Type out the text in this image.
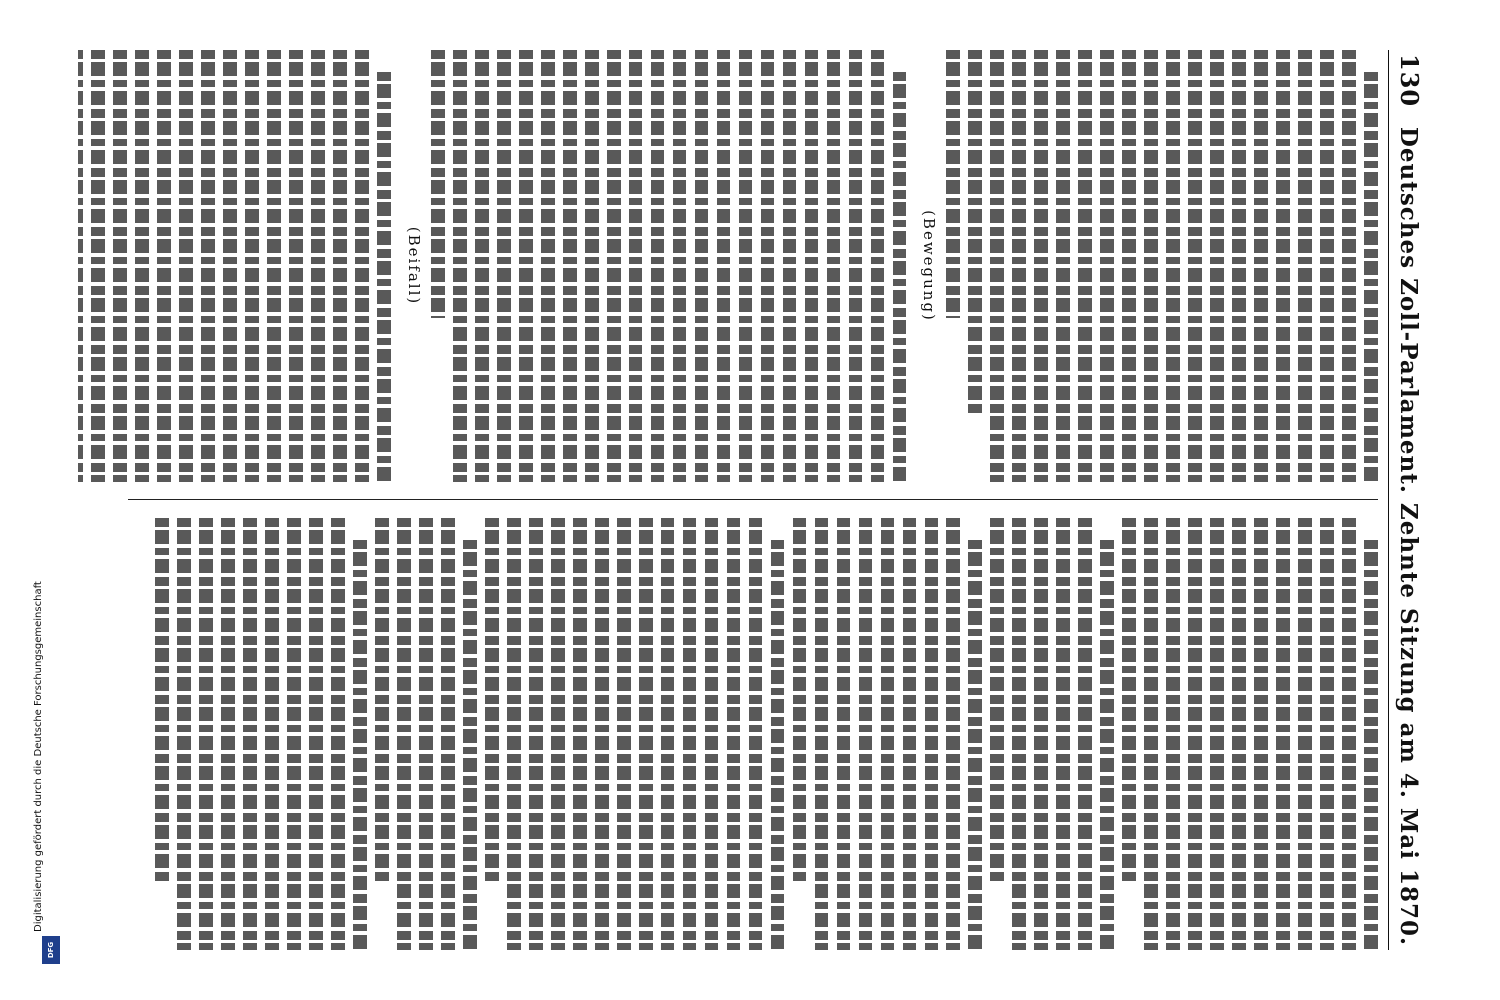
130
Deutsches Zoll-Parlament. Zehnte Sitzung am 4. Mai 1870.
(Bewegung)
(Beifall)
Digitalisierung gefördert durch die Deutsche Forschungsgemeinschaft
DFG
